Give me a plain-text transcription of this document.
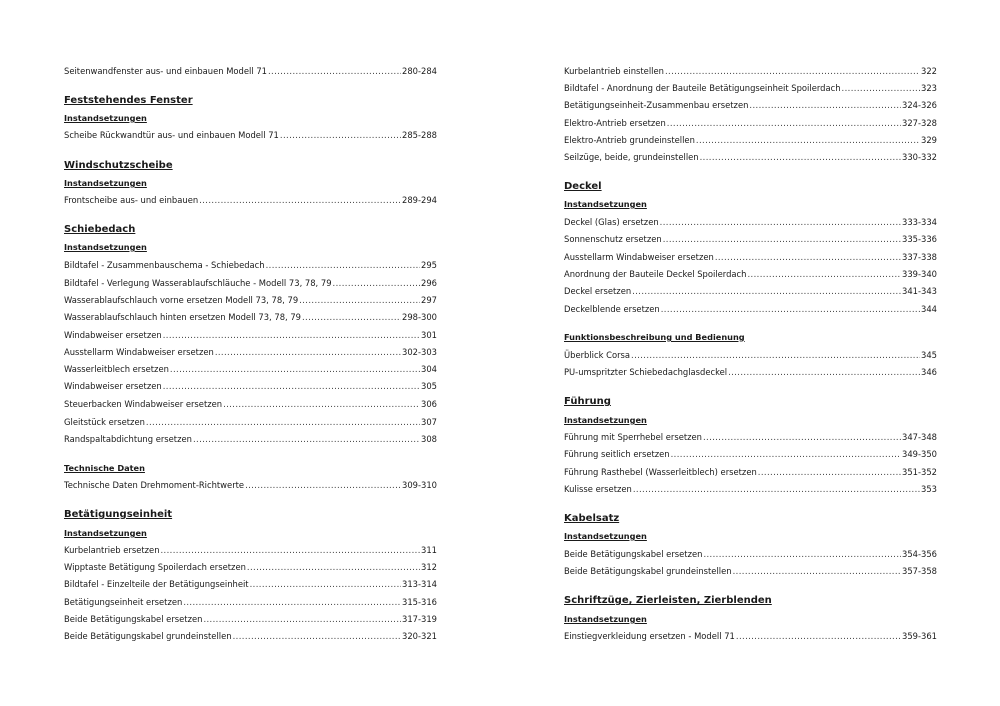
Seitenwandfenster aus- und einbauen Modell 71 .....	280-284
Feststehendes Fenster
Instandsetzungen
Scheibe Rückwandtür aus- und einbauen Modell 71 .....	285-288
Windschutzscheibe
Instandsetzungen
Frontscheibe aus- und einbauen .....	289-294
Schiebedach
Instandsetzungen
Bildtafel - Zusammenbauschema - Schiebedach .....	295
Bildtafel - Verlegung Wasserablaufschläuche - Modell 73, 78, 79 .....	296
Wasserablaufschlauch vorne ersetzen Modell 73, 78, 79 .....	297
Wasserablaufschlauch hinten ersetzen Modell 73, 78, 79 .....	298-300
Windabweiser ersetzen .....	301
Ausstellarm Windabweiser ersetzen .....	302-303
Wasserleitblech ersetzen .....	304
Windabweiser ersetzen .....	305
Steuerbacken Windabweiser ersetzen .....	306
Gleitstück ersetzen .....	307
Randspaltabdichtung ersetzen .....	308
Technische Daten
Technische Daten Drehmoment-Richtwerte .....	309-310
Betätigungseinheit
Instandsetzungen
Kurbelantrieb ersetzen .....	311
Wipptaste Betätigung Spoilerdach ersetzen .....	312
Bildtafel - Einzelteile der Betätigungseinheit .....	313-314
Betätigungseinheit ersetzen .....	315-316
Beide Betätigungskabel ersetzen .....	317-319
Beide Betätigungskabel grundeinstellen .....	320-321
Kurbelantrieb einstellen .....	322
Bildtafel - Anordnung der Bauteile Betätigungseinheit Spoilerdach .....	323
Betätigungseinheit-Zusammenbau ersetzen .....	324-326
Elektro-Antrieb ersetzen .....	327-328
Elektro-Antrieb grundeinstellen .....	329
Seilzüge, beide, grundeinstellen .....	330-332
Deckel
Instandsetzungen
Deckel (Glas) ersetzen .....	333-334
Sonnenschutz ersetzen .....	335-336
Ausstellarm Windabweiser ersetzen .....	337-338
Anordnung der Bauteile Deckel Spoilerdach .....	339-340
Deckel ersetzen .....	341-343
Deckelblende ersetzen .....	344
Funktionsbeschreibung und Bedienung
Überblick Corsa .....	345
PU-umspritzter Schiebedachglasdeckel .....	346
Führung
Instandsetzungen
Führung mit Sperrhebel ersetzen .....	347-348
Führung seitlich ersetzen .....	349-350
Führung Rasthebel (Wasserleitblech) ersetzen .....	351-352
Kulisse ersetzen .....	353
Kabelsatz
Instandsetzungen
Beide Betätigungskabel ersetzen .....	354-356
Beide Betätigungskabel grundeinstellen .....	357-358
Schriftzüge, Zierleisten, Zierblenden
Instandsetzungen
Einstiegverkleidung ersetzen - Modell 71 .....	359-361
